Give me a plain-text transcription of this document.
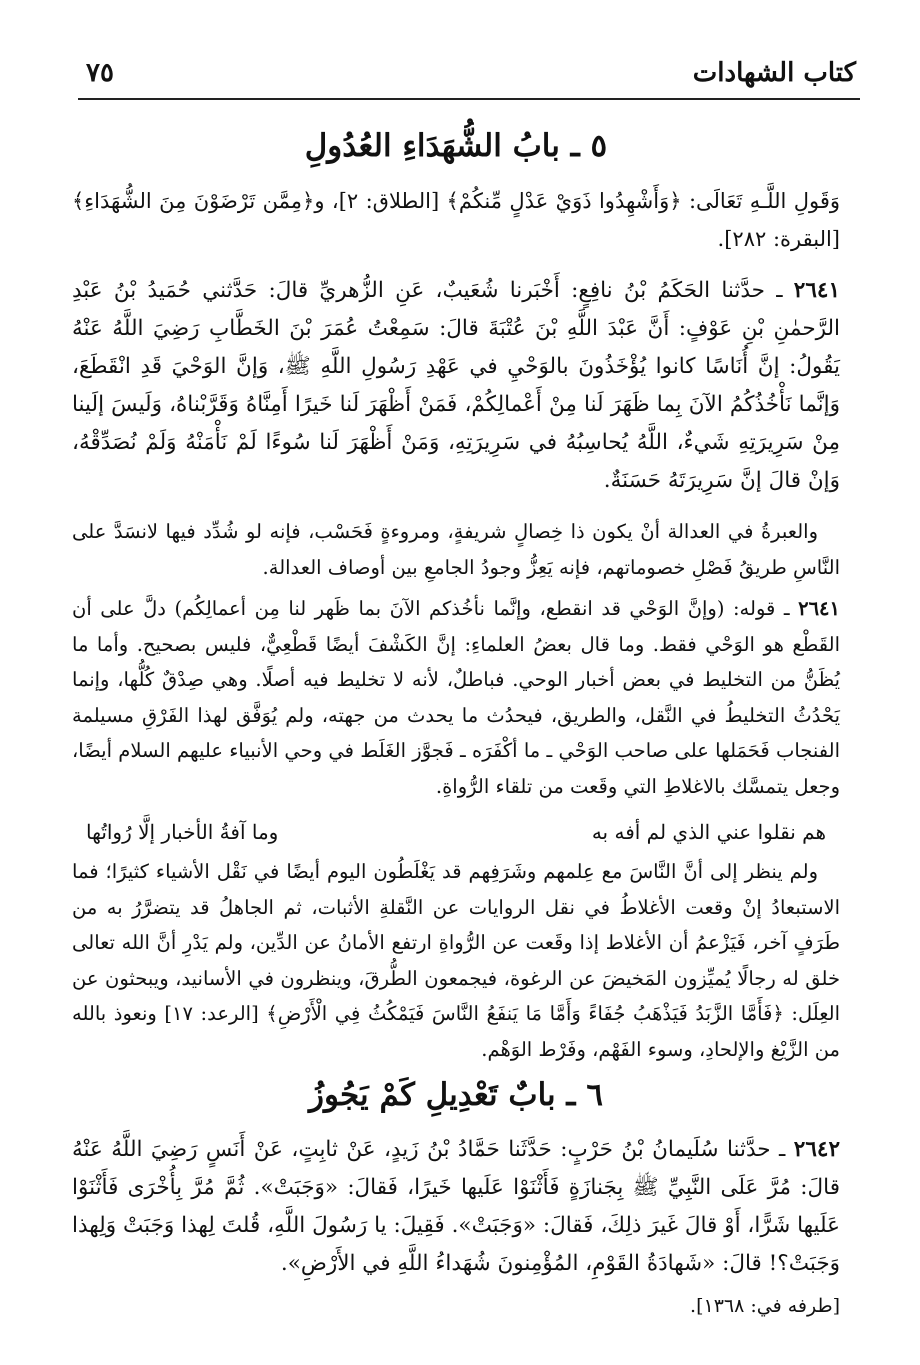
كتاب الشهادات
٧٥
٥ ـ بابُ الشُّهَدَاءِ العُدُولِ

وَقَولِ اللَّـهِ تَعَالَى: ﴿وَأَشْهِدُوا ذَوَيْ عَدْلٍ مِّنكُمْ﴾ [الطلاق: ٢]، و﴿مِمَّن تَرْضَوْنَ مِنَ الشُّهَدَاءِ﴾ [البقرة: ٢٨٢].

٢٦٤١ ـ حدَّثنا الحَكَمُ بْنُ نافِعٍ: أَخْبَرنا شُعَيبٌ، عَنِ الزُّهريِّ قالَ: حَدَّثني حُمَيدُ بْنُ عَبْدِ الرَّحمٰنِ بْنِ عَوْفٍ: أَنَّ عَبْدَ اللَّهِ بْنَ عُتْبَةَ قالَ: سَمِعْتُ عُمَرَ بْنَ الخَطَّابِ رَضِيَ اللَّهُ عَنْهُ يَقُولُ: إنَّ أُنَاسًا كانوا يُؤْخَذُونَ بالوَحْيِ في عَهْدِ رَسُولِ اللَّهِ ﷺ، وَإنَّ الوَحْيَ قَدِ انْقَطَعَ، وَإنَّما نَأْخُذُكُمُ الآنَ بِما ظَهَرَ لَنا مِنْ أَعْمالِكُمْ، فَمَنْ أَظْهَرَ لَنا خَيرًا أَمِنَّاهُ وَقَرَّبْناهُ، وَلَيسَ إلَينا مِنْ سَرِيرَتِهِ شَيءٌ، اللَّهُ يُحاسِبُهُ في سَرِيرَتِهِ، وَمَنْ أَظْهَرَ لَنا سُوءًا لَمْ نَأْمَنْهُ وَلَمْ نُصَدِّقْهُ، وَإنْ قالَ إنَّ سَرِيرَتَهُ حَسَنَةٌ.

والعبرةُ في العدالة أنْ يكون ذا خِصالٍ شريفةٍ، ومروءةٍ فَحَسْب، فإنه لو شُدِّد فيها لانسَدَّ على النَّاسِ طريقُ فَصْلِ خصوماتهم، فإنه يَعِزُّ وجودُ الجامعِ بين أوصاف العدالة.

٢٦٤١ ـ قوله: (وإنَّ الوَحْي قد انقطع، وإنَّما نأخُذكم الآنَ بما ظَهر لنا مِن أعمالِكُم) دلَّ على أن القَطْع هو الوَحْي فقط. وما قال بعضُ العلماءِ: إنَّ الكَشْفَ أيضًا قَطْعِيٌّ، فليس بصحيح. وأما ما يُظَنُّ من التخليط في بعض أخبار الوحي. فباطلٌ، لأنه لا تخليط فيه أصلًا. وهي صِدْقٌ كُلُّها، وإنما يَحْدُثُ التخليطُ في النَّقل، والطريق، فيحدُث ما يحدث من جهته، ولم يُوَفَّق لهذا الفَرْقِ مسيلمة الفنجاب فَحَمَلها على صاحب الوَحْي ـ ما أكْفَرَه ـ فَجوَّز الغَلَط في وحي الأنبياء عليهم السلام أيضًا، وجعل يتمسَّك بالاغلاطِ التي وقَعت من تلقاء الرُّواةِ.

هم نقلوا عني الذي لم أفه به
وما آفةُ الأخبار إلَّا رُواتُها

ولم ينظر إلى أنَّ النَّاسَ مع عِلمهم وشَرَفِهم قد يَغْلَطُون اليوم أيضًا في نَقْل الأشياء كثيرًا؛ فما الاستبعادُ إنْ وقعت الأغلاطُ في نقل الروايات عن النَّقلةِ الأثبات، ثم الجاهلُ قد يتضرَّرُ به من طَرَفٍ آخر، فَيَزْعمُ أن الأغلاط إذا وقَعت عن الرُّواةِ ارتفع الأمانُ عن الدِّين، ولم يَدْرِ أنَّ الله تعالى خلق له رجالًا يُميِّزون المَخيضَ عن الرغوة، فيجمعون الطُّرقَ، وينظرون في الأسانيد، ويبحثون عن العِلَل: ﴿فَأَمَّا الزَّبَدُ فَيَذْهَبُ جُفَاءً وَأَمَّا مَا يَنفَعُ النَّاسَ فَيَمْكُثُ فِي الْأَرْضِ﴾ [الرعد: ١٧] ونعوذ بالله من الزَّيْغ والإلحادِ، وسوء الفَهْم، وفَرْط الوَهْم.

٦ ـ بابٌ تَعْدِيلِ كَمْ يَجُوزُ

٢٦٤٢ ـ حدَّثنا سُلَيمانُ بْنُ حَرْبٍ: حَدَّثَنا حَمَّادُ بْنُ زَيدٍ، عَنْ ثابِتٍ، عَنْ أَنَسٍ رَضِيَ اللَّهُ عَنْهُ قالَ: مُرَّ عَلَى النَّبِيِّ ﷺ بِجَنازَةٍ فَأَثْنَوْا عَلَيها خَيرًا، فَقالَ: «وَجَبَتْ». ثُمَّ مُرَّ بِأُخْرَى فَأَثْنَوْا عَلَيها شَرًّا، أَوْ قالَ غَيرَ ذلِكَ، فَقالَ: «وَجَبَتْ». فَقِيلَ: يا رَسُولَ اللَّهِ، قُلتَ لِهذا وَجَبَتْ وَلِهذا وَجَبَتْ؟! قالَ: «شَهادَةُ القَوْمِ، المُؤْمِنونَ شُهَداءُ اللَّهِ في الأَرْضِ».

[طرفه في: ١٣٦٨].
